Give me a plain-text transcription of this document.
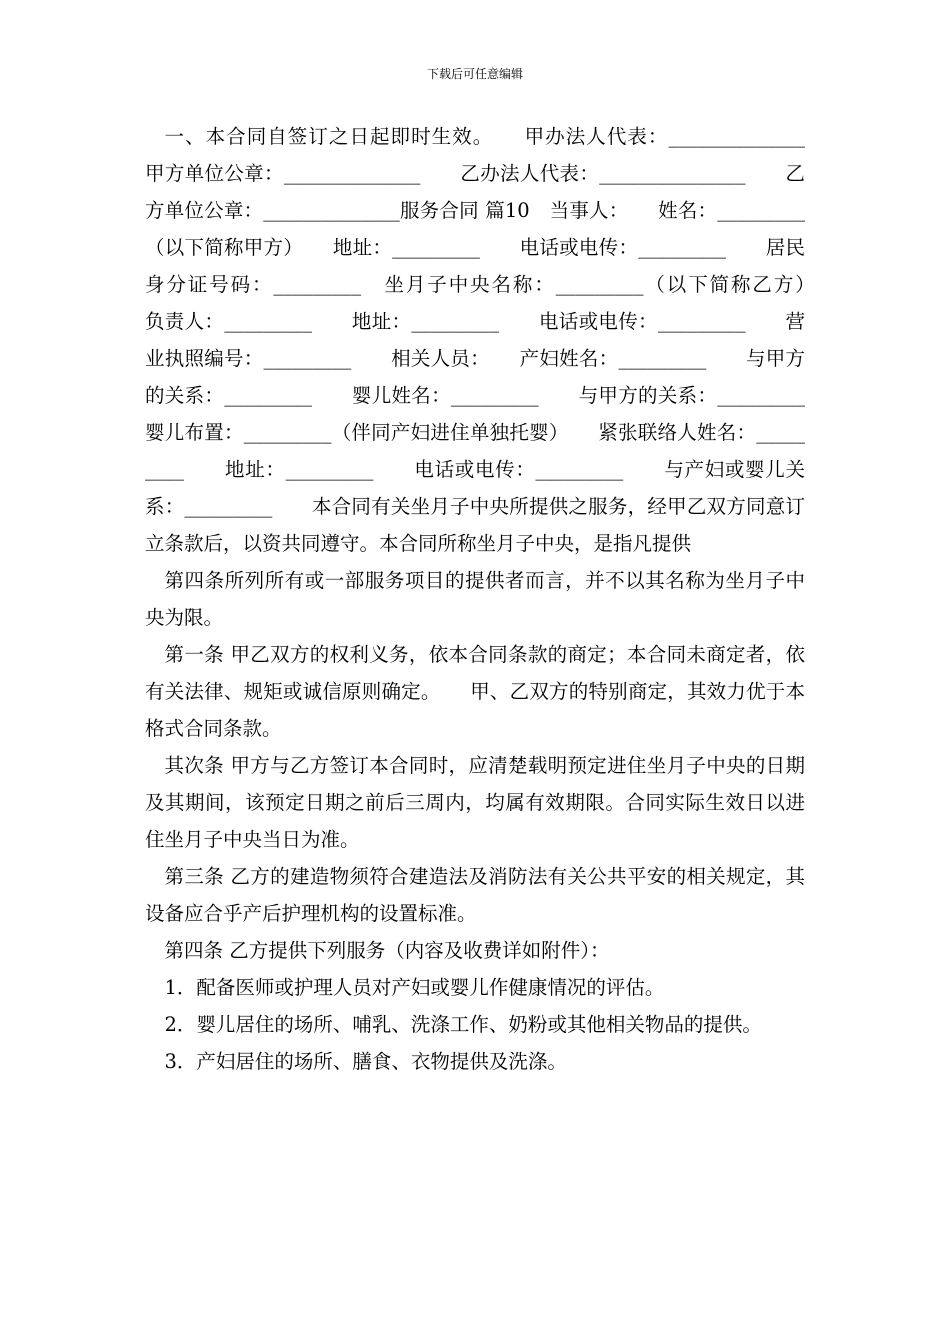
下载后可任意编辑

一、本合同自签订之日起即时生效。　　甲办法人代表：______________　　甲方单位公章：______________　　乙办法人代表：_______________　　乙方单位公章：______________服务合同 篇10　当事人：　　姓名：_________（以下简称甲方）　　地址：_________　　电话或电传：_________　　居民身分证号码：_________　坐月子中央名称：_________（以下简称乙方）　　负责人：_________　　地址：_________　　电话或电传：_________　　营业执照编号：_________　　相关人员：　　产妇姓名：_________　　与甲方的关系：_________　　婴儿姓名：_________　　与甲方的关系：_________　　婴儿布置：_________（伴同产妇进住单独托婴）　　紧张联络人姓名：_________　　地址：_________　　电话或电传：_________　　与产妇或婴儿关系：_________　　本合同有关坐月子中央所提供之服务，经甲乙双方同意订立条款后，以资共同遵守。本合同所称坐月子中央，是指凡提供

第四条所列所有或一部服务项目的提供者而言，并不以其名称为坐月子中央为限。

第一条 甲乙双方的权利义务，依本合同条款的商定；本合同未商定者，依有关法律、规矩或诚信原则确定。　　甲、乙双方的特别商定，其效力优于本格式合同条款。

其次条 甲方与乙方签订本合同时，应清楚载明预定进住坐月子中央的日期及其期间，该预定日期之前后三周内，均属有效期限。合同实际生效日以进住坐月子中央当日为准。

第三条 乙方的建造物须符合建造法及消防法有关公共平安的相关规定，其设备应合乎产后护理机构的设置标准。

第四条 乙方提供下列服务（内容及收费详如附件）：

1．配备医师或护理人员对产妇或婴儿作健康情况的评估。

2．婴儿居住的场所、哺乳、洗涤工作、奶粉或其他相关物品的提供。

3．产妇居住的场所、膳食、衣物提供及洗涤。
